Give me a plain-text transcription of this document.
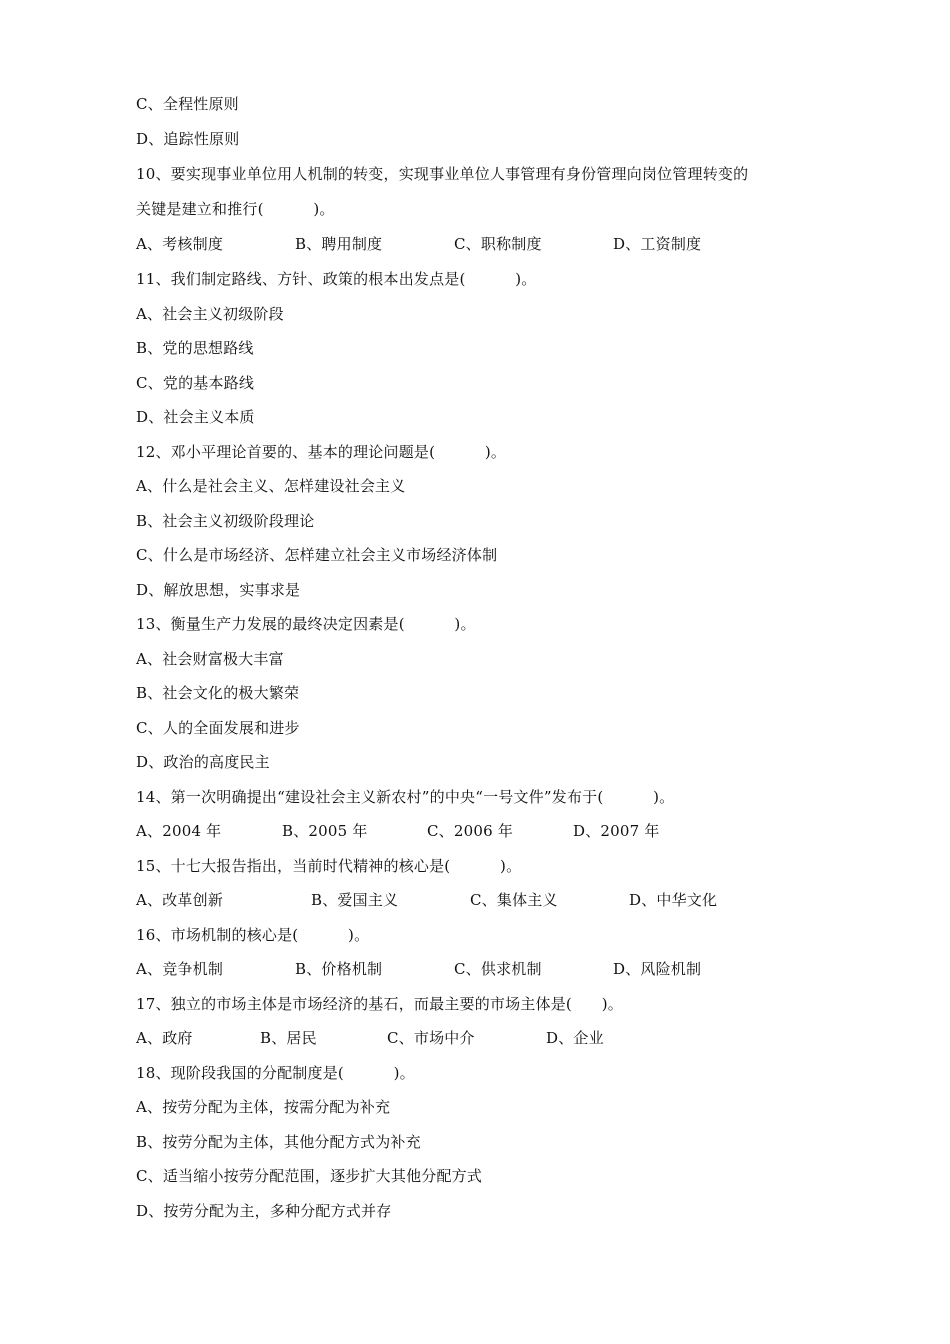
C、全程性原则
D、追踪性原则
10、要实现事业单位用人机制的转变，实现事业单位人事管理有身份管理向岗位管理转变的
关键是建立和推行(          )。

A、考核制度

	B、聘用制度

	C、职称制度

	D、工资制度

11、我们制定路线、方针、政策的根本出发点是(          )。
A、社会主义初级阶段
B、党的思想路线
C、党的基本路线
D、社会主义本质
12、邓小平理论首要的、基本的理论问题是(          )。
A、什么是社会主义、怎样建设社会主义
B、社会主义初级阶段理论
C、什么是市场经济、怎样建立社会主义市场经济体制
D、解放思想，实事求是
13、衡量生产力发展的最终决定因素是(          )。
A、社会财富极大丰富
B、社会文化的极大繁荣
C、人的全面发展和进步
D、政治的高度民主
14、第一次明确提出“建设社会主义新农村”的中央“一号文件”发布于(          )。

A、2004 年

	B、2005 年

	C、2006 年

	D、2007 年

15、十七大报告指出，当前时代精神的核心是(          )。

A、改革创新

	B、爱国主义

	C、集体主义

	D、中华文化

16、市场机制的核心是(          )。

A、竞争机制

	B、价格机制

	C、供求机制

	D、风险机制

17、独立的市场主体是市场经济的基石，而最主要的市场主体是(      )。

A、政府

	B、居民

	C、市场中介

	D、企业

18、现阶段我国的分配制度是(          )。
A、按劳分配为主体，按需分配为补充
B、按劳分配为主体，其他分配方式为补充
C、适当缩小按劳分配范围，逐步扩大其他分配方式
D、按劳分配为主，多种分配方式并存
